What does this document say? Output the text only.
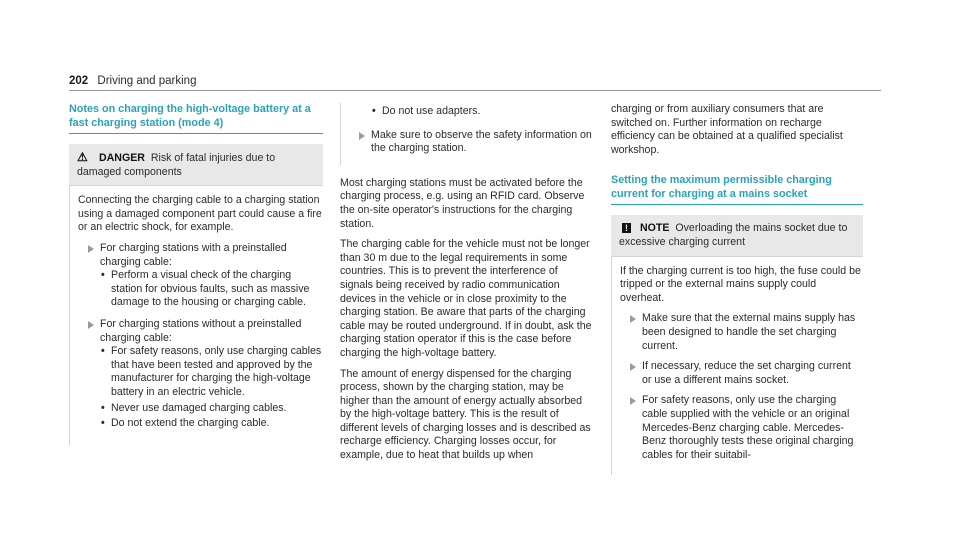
202 Driving and parking
Notes on charging the high-voltage battery at a fast charging station (mode 4)
⚠ DANGER Risk of fatal injuries due to damaged components

Connecting the charging cable to a charging station using a damaged component part could cause a fire or an electric shock, for example.

For charging stations with a preinstalled charging cable:
• Perform a visual check of the charging station for obvious faults, such as massive damage to the housing or charging cable.
For charging stations without a preinstalled charging cable:
• For safety reasons, only use charging cables that have been tested and approved by the manufacturer for charging the high-voltage battery in an electric vehicle.
• Never use damaged charging cables.
• Do not extend the charging cable.
• Do not use adapters.
Make sure to observe the safety information on the charging station.

Most charging stations must be activated before the charging process, e.g. using an RFID card. Observe the on-site operator's instructions for the charging station.

The charging cable for the vehicle must not be longer than 30 m due to the legal requirements in some countries. This is to prevent the interference of signals being received by radio communication devices in the vehicle or in close proximity to the charging station. Be aware that parts of the charging cable may be routed underground. If in doubt, ask the charging station operator if this is the case before charging the high-voltage battery.

The amount of energy dispensed for the charging process, shown by the charging station, may be higher than the amount of energy actually absorbed by the high-voltage battery. This is the result of different levels of charging losses and is described as recharge efficiency. Charging losses occur, for example, due to heat that builds up when

charging or from auxiliary consumers that are switched on. Further information on recharge efficiency can be obtained at a qualified specialist workshop.

Setting the maximum permissible charging current for charging at a mains socket
! NOTE Overloading the mains socket due to excessive charging current

If the charging current is too high, the fuse could be tripped or the external mains supply could overheat.

Make sure that the external mains supply has been designed to handle the set charging current.
If necessary, reduce the set charging current or use a different mains socket.
For safety reasons, only use the charging cable supplied with the vehicle or an original Mercedes-Benz charging cable. Mercedes-Benz thoroughly tests these original charging cables for their suitabil-
